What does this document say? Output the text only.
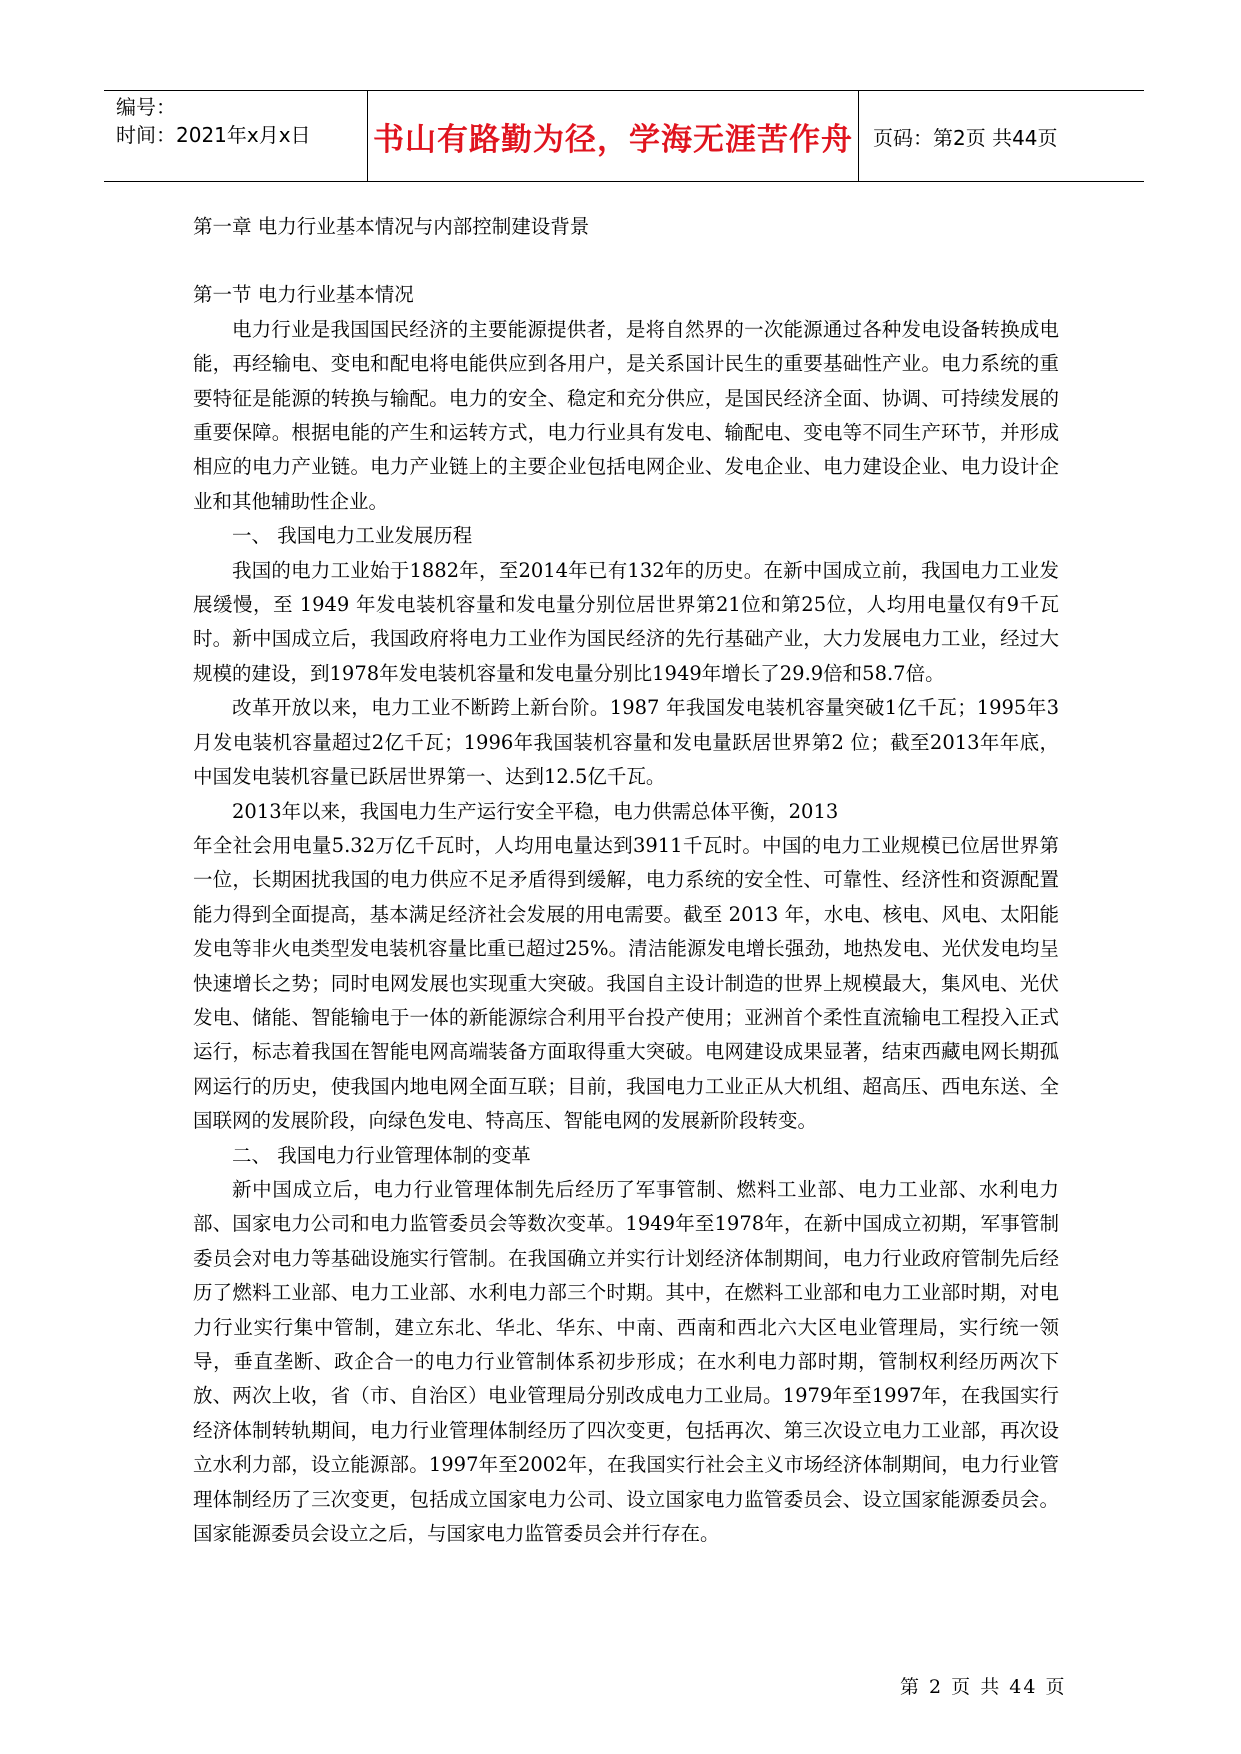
编号：
时间：2021年x月x日	书山有路勤为径，学海无涯苦作舟	页码：第2页 共44页

第一章 电力行业基本情况与内部控制建设背景

第一节 电力行业基本情况

电力行业是我国国民经济的主要能源提供者，是将自然界的一次能源通过各种发电设备转换成电能，再经输电、变电和配电将电能供应到各用户，是关系国计民生的重要基础性产业。电力系统的重要特征是能源的转换与输配。电力的安全、稳定和充分供应，是国民经济全面、协调、可持续发展的重要保障。根据电能的产生和运转方式，电力行业具有发电、输配电、变电等不同生产环节，并形成相应的电力产业链。电力产业链上的主要企业包括电网企业、发电企业、电力建设企业、电力设计企业和其他辅助性企业。

一、 我国电力工业发展历程

我国的电力工业始于1882年，至2014年已有132年的历史。在新中国成立前，我国电力工业发展缓慢，至 1949 年发电装机容量和发电量分别位居世界第21位和第25位，人均用电量仅有9千瓦时。新中国成立后，我国政府将电力工业作为国民经济的先行基础产业，大力发展电力工业，经过大规模的建设，到1978年发电装机容量和发电量分别比1949年增长了29.9倍和58.7倍。

改革开放以来，电力工业不断跨上新台阶。1987 年我国发电装机容量突破1亿千瓦；1995年3月发电装机容量超过2亿千瓦；1996年我国装机容量和发电量跃居世界第2 位；截至2013年年底，中国发电装机容量已跃居世界第一、达到12.5亿千瓦。

2013年以来，我国电力生产运行安全平稳，电力供需总体平衡，2013

年全社会用电量5.32万亿千瓦时，人均用电量达到3911千瓦时。中国的电力工业规模已位居世界第一位，长期困扰我国的电力供应不足矛盾得到缓解，电力系统的安全性、可靠性、经济性和资源配置能力得到全面提高，基本满足经济社会发展的用电需要。截至 2013 年，水电、核电、风电、太阳能发电等非火电类型发电装机容量比重已超过25%。清洁能源发电增长强劲，地热发电、光伏发电均呈快速增长之势；同时电网发展也实现重大突破。我国自主设计制造的世界上规模最大，集风电、光伏发电、储能、智能输电于一体的新能源综合利用平台投产使用；亚洲首个柔性直流输电工程投入正式运行，标志着我国在智能电网高端装备方面取得重大突破。电网建设成果显著，结束西藏电网长期孤网运行的历史，使我国内地电网全面互联；目前，我国电力工业正从大机组、超高压、西电东送、全国联网的发展阶段，向绿色发电、特高压、智能电网的发展新阶段转变。

二、 我国电力行业管理体制的变革

新中国成立后，电力行业管理体制先后经历了军事管制、燃料工业部、电力工业部、水利电力部、国家电力公司和电力监管委员会等数次变革。1949年至1978年，在新中国成立初期，军事管制委员会对电力等基础设施实行管制。在我国确立并实行计划经济体制期间，电力行业政府管制先后经历了燃料工业部、电力工业部、水利电力部三个时期。其中，在燃料工业部和电力工业部时期，对电力行业实行集中管制，建立东北、华北、华东、中南、西南和西北六大区电业管理局，实行统一领导，垂直垄断、政企合一的电力行业管制体系初步形成；在水利电力部时期，管制权利经历两次下放、两次上收，省（市、自治区）电业管理局分别改成电力工业局。1979年至1997年，在我国实行经济体制转轨期间，电力行业管理体制经历了四次变更，包括再次、第三次设立电力工业部，再次设立水利力部，设立能源部。1997年至2002年，在我国实行社会主义市场经济体制期间，电力行业管理体制经历了三次变更，包括成立国家电力公司、设立国家电力监管委员会、设立国家能源委员会。国家能源委员会设立之后，与国家电力监管委员会并行存在。

第 2 页 共 44 页
